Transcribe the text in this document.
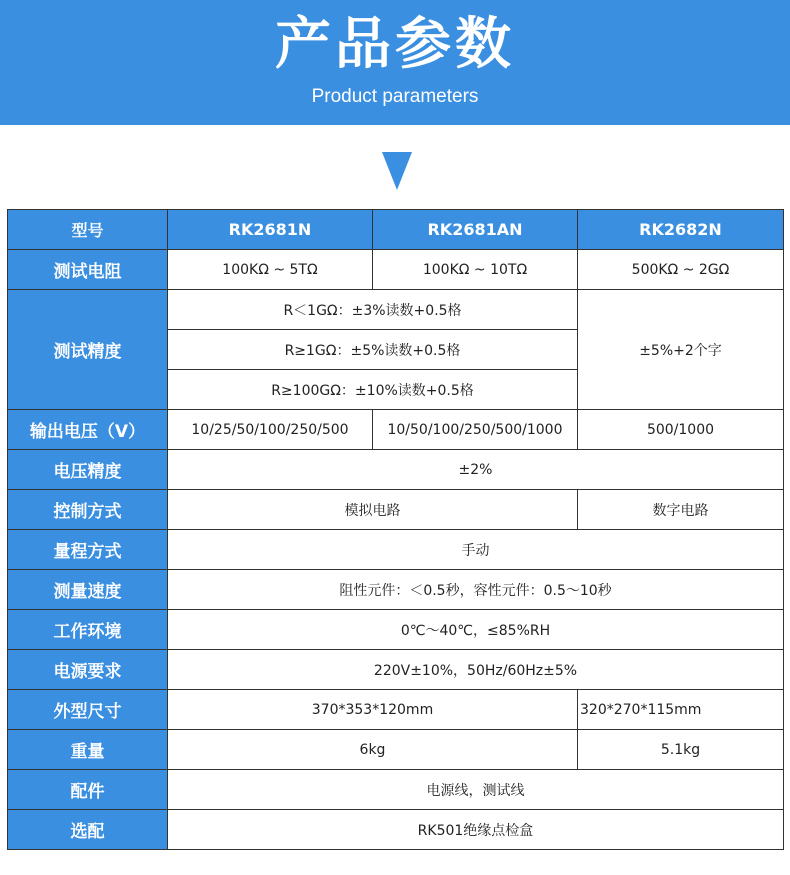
产品参数
Product parameters
型号	RK2681N	RK2681AN	RK2682N
测试电阻	100KΩ ~ 5TΩ	100KΩ ~ 10TΩ	500KΩ ~ 2GΩ
测试精度	R＜1GΩ：±3%读数+0.5格		±5%+2个字
	R≥1GΩ：±5%读数+0.5格		
	R≥100GΩ：±10%读数+0.5格		
输出电压（V）	10/25/50/100/250/500	10/50/100/250/500/1000	500/1000
电压精度	±2%		
控制方式	模拟电路		数字电路
量程方式	手动		
测量速度	阻性元件：＜0.5秒，容性元件：0.5～10秒		
工作环境	0℃～40℃，≤85%RH		
电源要求	220V±10%，50Hz/60Hz±5%		
外型尺寸	370*353*120mm		320*270*115mm
重量	6kg		5.1kg
配件	电源线，测试线		
选配	RK501绝缘点检盒		
